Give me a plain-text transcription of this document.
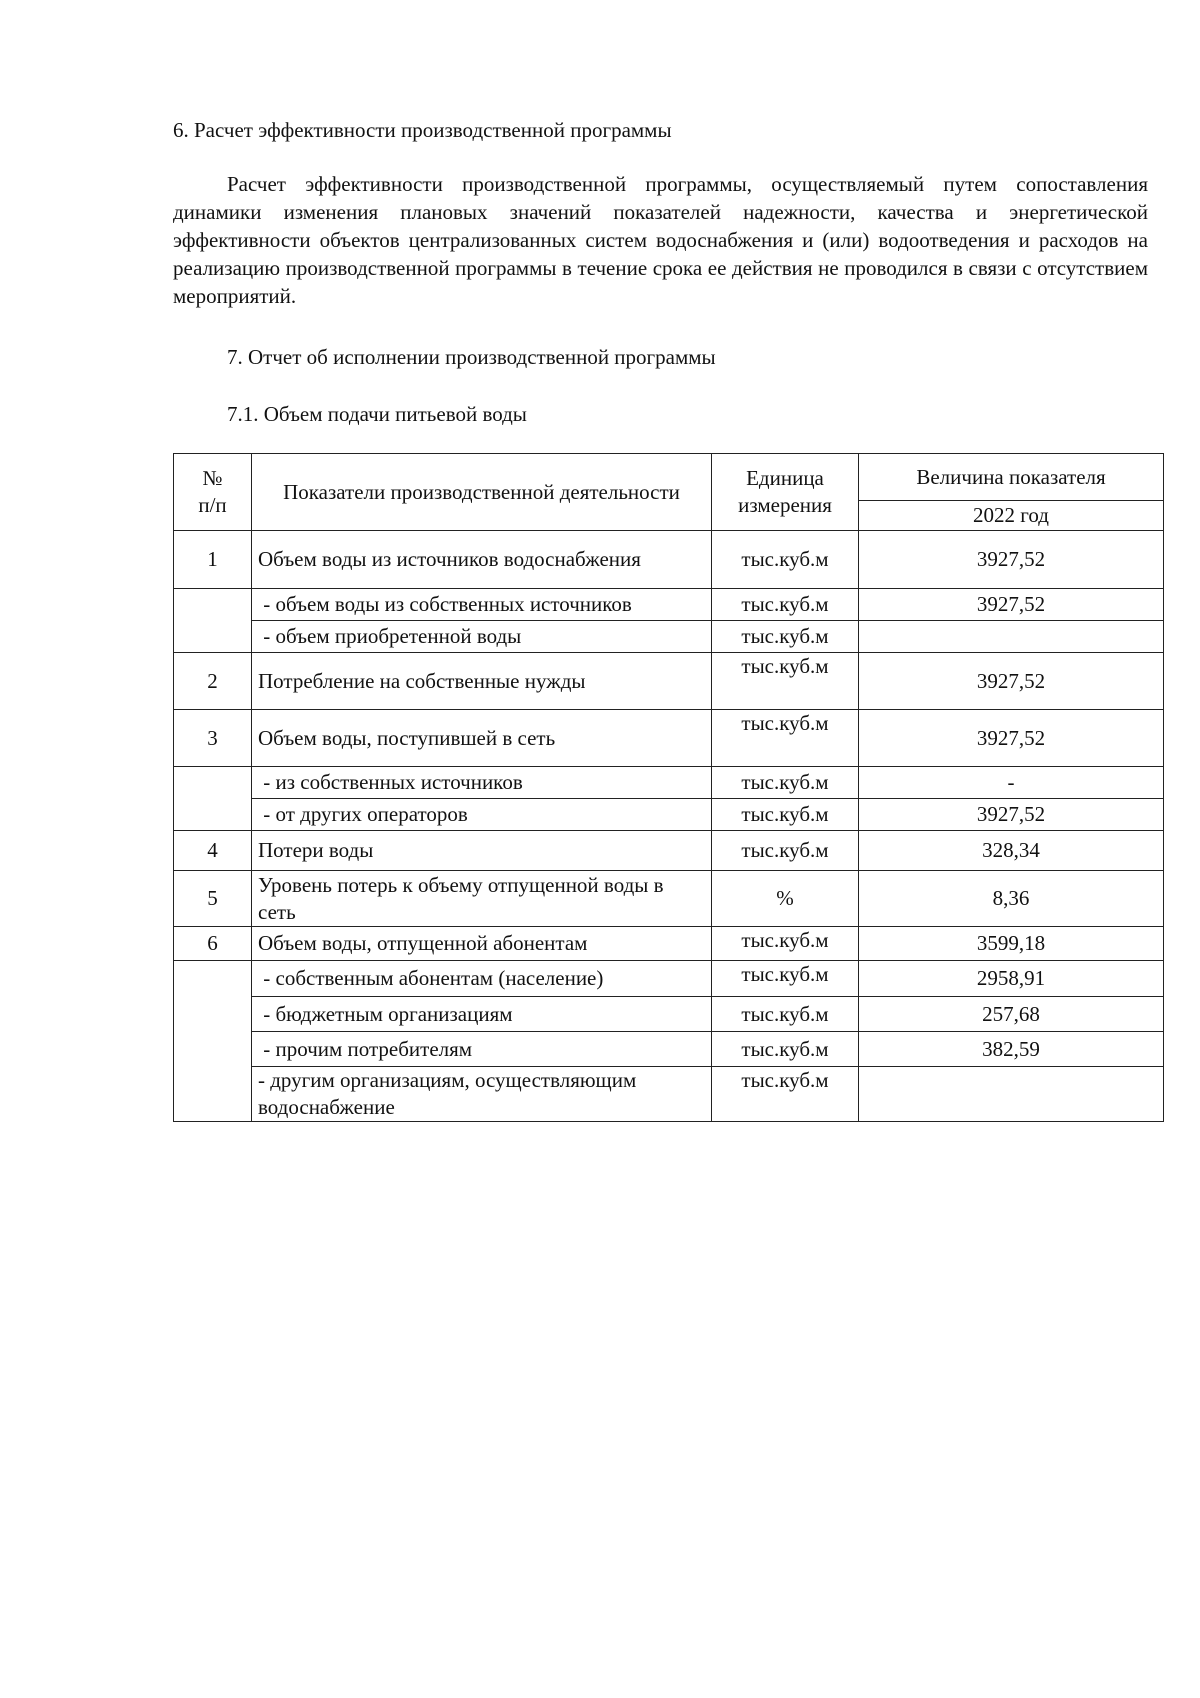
6. Расчет эффективности производственной программы
Расчет эффективности производственной программы, осуществляемый путем сопоставления динамики изменения плановых значений показателей надежности, качества и энергетической эффективности объектов централизованных систем водоснабжения и (или) водоотведения и расходов на реализацию производственной программы в течение срока ее действия не проводился в связи с отсутствием мероприятий.
7. Отчет об исполнении производственной программы
7.1. Объем подачи питьевой воды
№
п/п	Показатели производственной деятельности	Единица измерения	Величина показателя
			2022 год
1	Объем воды из источников водоснабжения	тыс.куб.м	3927,52
	- объем воды из собственных источников	тыс.куб.м	3927,52
	- объем приобретенной воды	тыс.куб.м	
2	Потребление на собственные нужды	тыс.куб.м	3927,52
3	Объем воды, поступившей в сеть	тыс.куб.м	3927,52
	- из собственных источников	тыс.куб.м	-
	- от других операторов	тыс.куб.м	3927,52
4	Потери воды	тыс.куб.м	328,34
5	Уровень потерь к объему отпущенной воды в сеть	%	8,36
6	Объем воды, отпущенной абонентам	тыс.куб.м	3599,18
	- собственным абонентам (население)	тыс.куб.м	2958,91
	- бюджетным организациям	тыс.куб.м	257,68
	- прочим потребителям	тыс.куб.м	382,59
	- другим организациям, осуществляющим водоснабжение	тыс.куб.м	
